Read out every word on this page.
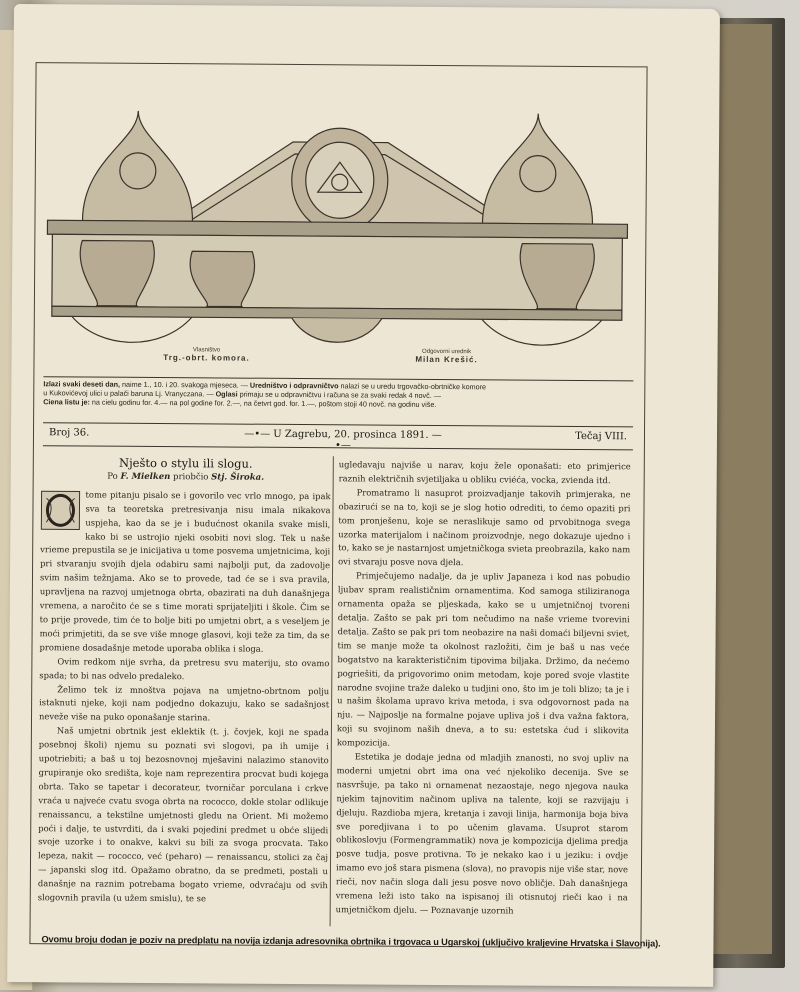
Vlasništvo
Trg.-obrt. komora.
Odgovorni urednik
Milan Krešić.
Izlazi svaki deseti dan, naime 1., 10. i 20. svakoga mjeseca. — Uredništvo i odpravničtvo nalazi se u uredu trgovačko-obrtničke komore
u Kukovićevoj ulici u palači baruna Lj. Vranyczana. — Oglasi primaju se u odpravničtvu i računa se za svaki redak 4 novč. —
Ciena listu je: na cielu godinu for. 4.— na pol godine for. 2.—, na četvrt god. for. 1.—, poštom stoji 40 novč. na godinu više.
Broj 36.	—•— U Zagrebu, 20. prosinca 1891. —•—
Tečaj VIII.
Nješto o stylu ili slogu.
Po F. Mielken priobčio Stj. Široka.

tome pitanju pisalo se i govorilo vec vrlo mnogo, pa ipak sva ta teoretska pretresivanja nisu imala nikakova uspjeha, kao da se je i budućnost okanila svake misli, kako bi se ustrojio njeki osobiti novi slog. Tek u naše vrieme prepustila se je inicijativa u tome posvema umjetnicima, koji pri stvaranju svojih djela odabiru sami najbolji put, da zadovolje svim našim težnjama. Ako se to provede, tad će se i sva pravila, upravljena na razvoj umjetnoga obrta, obazirati na duh današnjega vremena, a naročito će se s time morati sprijateljiti i škole. Čim se to prije provede, tim će to bolje biti po umjetni obrt, a s veseljem je moći primjetiti, da se sve više mnoge glasovi, koji teže za tim, da se promiene dosadašnje metode uporaba oblika i sloga.

Ovim redkom nije svrha, da pretresu svu materiju, sto ovamo spada; to bi nas odvelo predaleko.

Želimo tek iz mnoštva pojava na umjetno-obrtnom polju istaknuti njeke, koji nam podjedno dokazuju, kako se sadašnjost neveže više na puko oponašanje starina.

Naš umjetni obrtnik jest eklektik (t. j. čovjek, koji ne spada posebnoj školi) njemu su poznati svi slogovi, pa ih umije i upotriebiti; a baš u toj bezosnovnoj mješavini nalazimo stanovito grupiranje oko središta, koje nam reprezentira procvat budi kojega obrta. Tako se tapetar i decorateur, tvorničar porculana i crkve vraća u najveće cvatu svoga obrta na rococco, dokle stolar odlikuje renaissancu, a tekstilne umjetnosti gledu na Orient. Mi možemo poći i dalje, te ustvrditi, da i svaki pojedini predmet u obće slijedi svoje uzorke i to onakve, kakvi su bili za svoga procvata. Tako lepeza, nakit — rococco, već (peharo) — renaissancu, stolici za čaj — japanski slog itd. Opažamo obratno, da se predmeti, postali u današnje na raznim potrebama bogato vrieme, odvraćaju od svih slogovnih pravila (u užem smislu), te se

ugledavaju najviše u narav, koju žele oponašati: eto primjerice raznih električnih svjetiljaka u obliku cviéća, vocka, zvienda itd.

Promatramo li nasuprot proizvadjanje takovih primjeraka, ne obazirući se na to, koji se je slog hotio odrediti, to ćemo opaziti pri tom pronješenu, koje se neraslikuje samo od prvobitnoga svega uzorka materijalom i načinom proizvodnje, nego dokazuje ujedno i to, kako se je nastarnjost umjetničkoga svieta preobrazila, kako nam ovi stvaraju posve nova djela.

Primječujemo nadalje, da je upliv Japaneza i kod nas pobudio ljubav spram realističnim ornamentima. Kod samoga stiliziranoga ornamenta opaža se pljeskada, kako se u umjetničnoj tvoreni detalja. Zašto se pak pri tom nečudimo na naše vrieme tvorevini detalja. Zašto se pak pri tom neobazire na naši domaći biljevni sviet, tim se manje može ta okolnost razložiti, čim je baš u nas veće bogatstvo na karakterističnim tipovima biljaka. Držimo, da nećemo pogriešiti, da prigovorimo onim metodam, koje pored svoje vlastite narodne svojine traže daleko u tudjini ono, što im je toli blizo; ta je i u našim školama upravo kriva metoda, i sva odgovornost pada na nju. — Najposlje na formalne pojave upliva još i dva važna faktora, koji su svojinom naših dneva, a to su: estetska ćud i slikovita kompozicija.

Estetika je dodaje jedna od mladjih znanosti, no svoj upliv na moderni umjetni obrt ima ona već njekoliko decenija. Sve se nasvršuje, pa tako ni ornamenat nezaostaje, nego njegova nauka njekim tajnovitim načinom upliva na talente, koji se razvijaju i djeluju. Razdioba mjera, kretanja i zavoji linija, harmonija boja biva sve poredjivana i to po učenim glavama. Usuprot starom oblikoslovju (Formengrammatik) nova je kompozicija djelima predja posve tudja, posve protivna. To je nekako kao i u jeziku: i ovdje imamo evo još stara pismena (slova), no pravopis nije više star, nove rieči, nov način sloga dali jesu posve novo obličje. Dah današnjega vremena leži isto tako na ispisanoj ili otisnutoj rieči kao i na umjetničkom djelu. — Poznavanje uzornih

Ovomu broju dodan je poziv na predplatu na novija izdanja adresovnika obrtnika i trgovaca u Ugarskoj (uključivo kraljevine Hrvatska i Slavonija).
